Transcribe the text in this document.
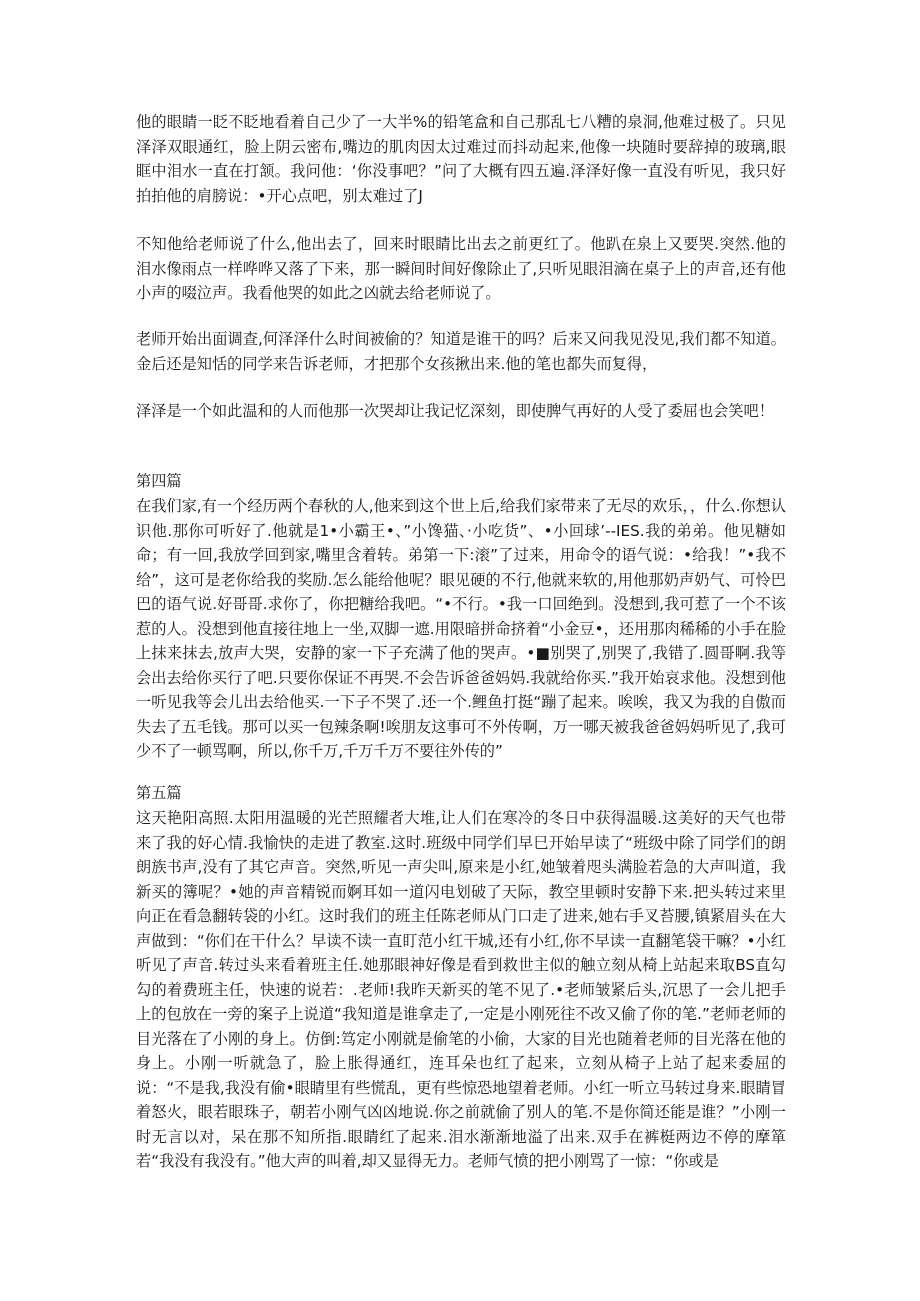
他的眼睛一眨不眨地看着自己少了一大半%的铅笔盒和自己那乱七八糟的泉洞,他难过极了。只见泽泽双眼通红，脸上阴云密布,嘴边的肌肉因太过难过而抖动起来,他像一块随时要辞掉的玻璃,眼眶中泪水一直在打颔。我问他：‘你没事吧？”问了大概有四五遍.泽泽好像一直没有听见，我只好拍拍他的肩膀说：•开心点吧，别太难过了J

不知他给老师说了什么,他出去了，回来时眼睛比出去之前更红了。他趴在泉上又要哭.突然.他的泪水像雨点一样哗哗又落了下来，那一瞬间时间好像除止了,只听见眼泪滴在桌子上的声音,还有他小声的啜泣声。我看他哭的如此之凶就去给老师说了。

老师开始出面调查,何泽泽什么时间被偷的？知道是谁干的吗？后来又问我见没见,我们都不知道。金后还是知恬的同学来告诉老师，才把那个女孩揪出来.他的笔也都失而复得，

泽泽是一个如此温和的人而他那一次哭却让我记忆深刻，即使脾气再好的人受了委屈也会笑吧！

第四篇

在我们家,有一个经历两个春秋的人,他来到这个世上后,给我们家带来了无尽的欢乐，，什么.你想认识他.那你可听好了.他就是1•小霸王•、”小馋猫、·小吃货”、•小回球’--IES.我的弟弟。他见糖如命；有一回,我放学回到家,嘴里含着转。弟第一下:滚”了过来，用命令的语气说：•给我！”•我不给”，这可是老你给我的奖励.怎么能给他呢？眼见硬的不行,他就来软的,用他那奶声奶气、可怜巴巴的语气说.好哥哥.求你了，你把糖给我吧。“•不行。•我一口回绝到。没想到,我可惹了一个不该惹的人。没想到他直接往地上一坐,双脚一遮.用限暗拼命挤着“小金豆•，还用那肉稀稀的小手在脸上抹来抹去,放声大哭，安静的家一下子充满了他的哭声。•■别哭了,别哭了,我错了.圆哥啊.我等会出去给你买行了吧.只要你保证不再哭.不会告诉爸爸妈妈.我就给你买.”我开始哀求他。没想到他一听见我等会儿出去给他买.一下子不哭了.还一个.鲤鱼打挺“蹦了起来。唉唉，我又为我的自傲而失去了五毛钱。那可以买一包辣条啊!唉朋友这事可不外传啊，万一哪天被我爸爸妈妈听见了,我可少不了一顿骂啊，所以,你千万,千万千万不要往外传的”

第五篇

这天艳阳高照.太阳用温暖的光芒照耀者大堆,让人们在寒冷的冬日中获得温暖.这美好的天气也带来了我的好心情.我愉快的走进了教室.这时.班级中同学们早巳开始早读了“班级中除了同学们的朗朗族书声,没有了其它声音。突然,听见一声尖叫,原来是小红,她皱着咫头满脸若急的大声叫道，我新买的簿呢？•她的声音精锐而婀耳如一道闪电划破了天际，教空里顿时安静下来.把头转过来里向正在看急翻转袋的小红。这时我们的班主任陈老师从门口走了进来,她右手叉苔腰,镇紧眉头在大声做到：“你们在干什么？早读不读一直盯范小红干城,还有小红,你不早读一直翻笔袋干嘛？•小红听见了声音.转过头来看着班主任.她那眼神好像是看到救世主似的触立刻从椅上站起来取BS直勾勾的着费班主任，快速的说若：.老师!我昨天新买的笔不见了.•老师皱紧后头,沉思了一会儿把手上的包放在一旁的案子上说道“我知道是谁拿走了,一定是小刚死往不改又偷了你的笔.”老师老师的目光落在了小刚的身上。仿倒:笃定小刚就是偷笔的小偷，大家的目光也随着老师的目光落在他的身上。小刚一听就急了，脸上胀得通红，连耳朵也红了起来，立刻从椅子上站了起来委屈的说：“不是我,我没有偷•眼睛里有些慌乱，更有些惊恐地望着老师。小红一听立马转过身来.眼睛冒着怒火，眼若眼珠子，朝若小刚气凶凶地说.你之前就偷了别人的笔.不是你简还能是谁？”小刚一时无言以对，呆在那不知所指.眼睛红了起来.泪水渐渐地溢了出来.双手在裤梃两边不停的摩箪若“我没有我没有。”他大声的叫着,却又显得无力。老师气愤的把小刚骂了一惊：“你或是
